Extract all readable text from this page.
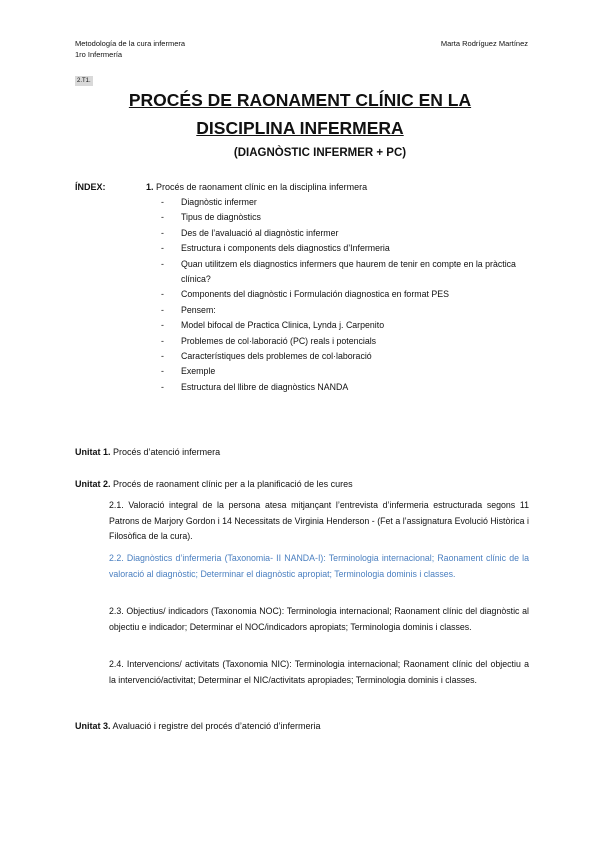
Metodología de la cura infermera
1ro Infermería
Marta Rodríguez Martínez
2.T1.
PROCÉS DE RAONAMENT CLÍNIC EN LA
DISCIPLINA INFERMERA
(DIAGNÒSTIC INFERMER + PC)
ÍNDEX:	1. Procés de raonament clínic en la disciplina infermera
- Diagnòstic infermer
- Tipus de diagnòstics
- Des de l’avaluació al diagnòstic infermer
- Estructura i components dels diagnostics d’Infermeria
- Quan utilitzem els diagnostics infermers que haurem de tenir en compte en la pràctica clínica?
- Components del diagnòstic i Formulación diagnostica en format PES
- Pensem:
- Model bifocal de Practica Clinica, Lynda j. Carpenito
- Problemes de col·laboració (PC) reals i potencials
- Característiques dels problemes de col·laboració
- Exemple
- Estructura del llibre de diagnòstics NANDA
Unitat 1. Procés d’atenció infermera
Unitat 2. Procés de raonament clínic per a la planificació de les cures

2.1. Valoració integral de la persona atesa mitjançant l’entrevista d’infermeria estructurada segons 11 Patrons de Marjory Gordon i 14 Necessitats de Virginia Henderson - (Fet a l’assignatura Evolució Històrica i Filosòfica de la cura).

2.2. Diagnòstics d’infermeria (Taxonomia- II NANDA-I): Terminologia internacional; Raonament clínic de la valoració al diagnòstic; Determinar el diagnòstic apropiat; Terminologia dominis i classes.

2.3. Objectius/ indicadors (Taxonomia NOC): Terminologia internacional; Raonament clínic del diagnòstic al objectiu e indicador; Determinar el NOC/indicadors apropiats; Terminologia dominis i classes.

2.4. Intervencions/ activitats (Taxonomia NIC): Terminologia internacional; Raonament clínic del objectiu a la intervenció/activitat; Determinar el NIC/activitats apropiades; Terminologia dominis i classes.

Unitat 3. Avaluació i registre del procés d’atenció d’infermeria
